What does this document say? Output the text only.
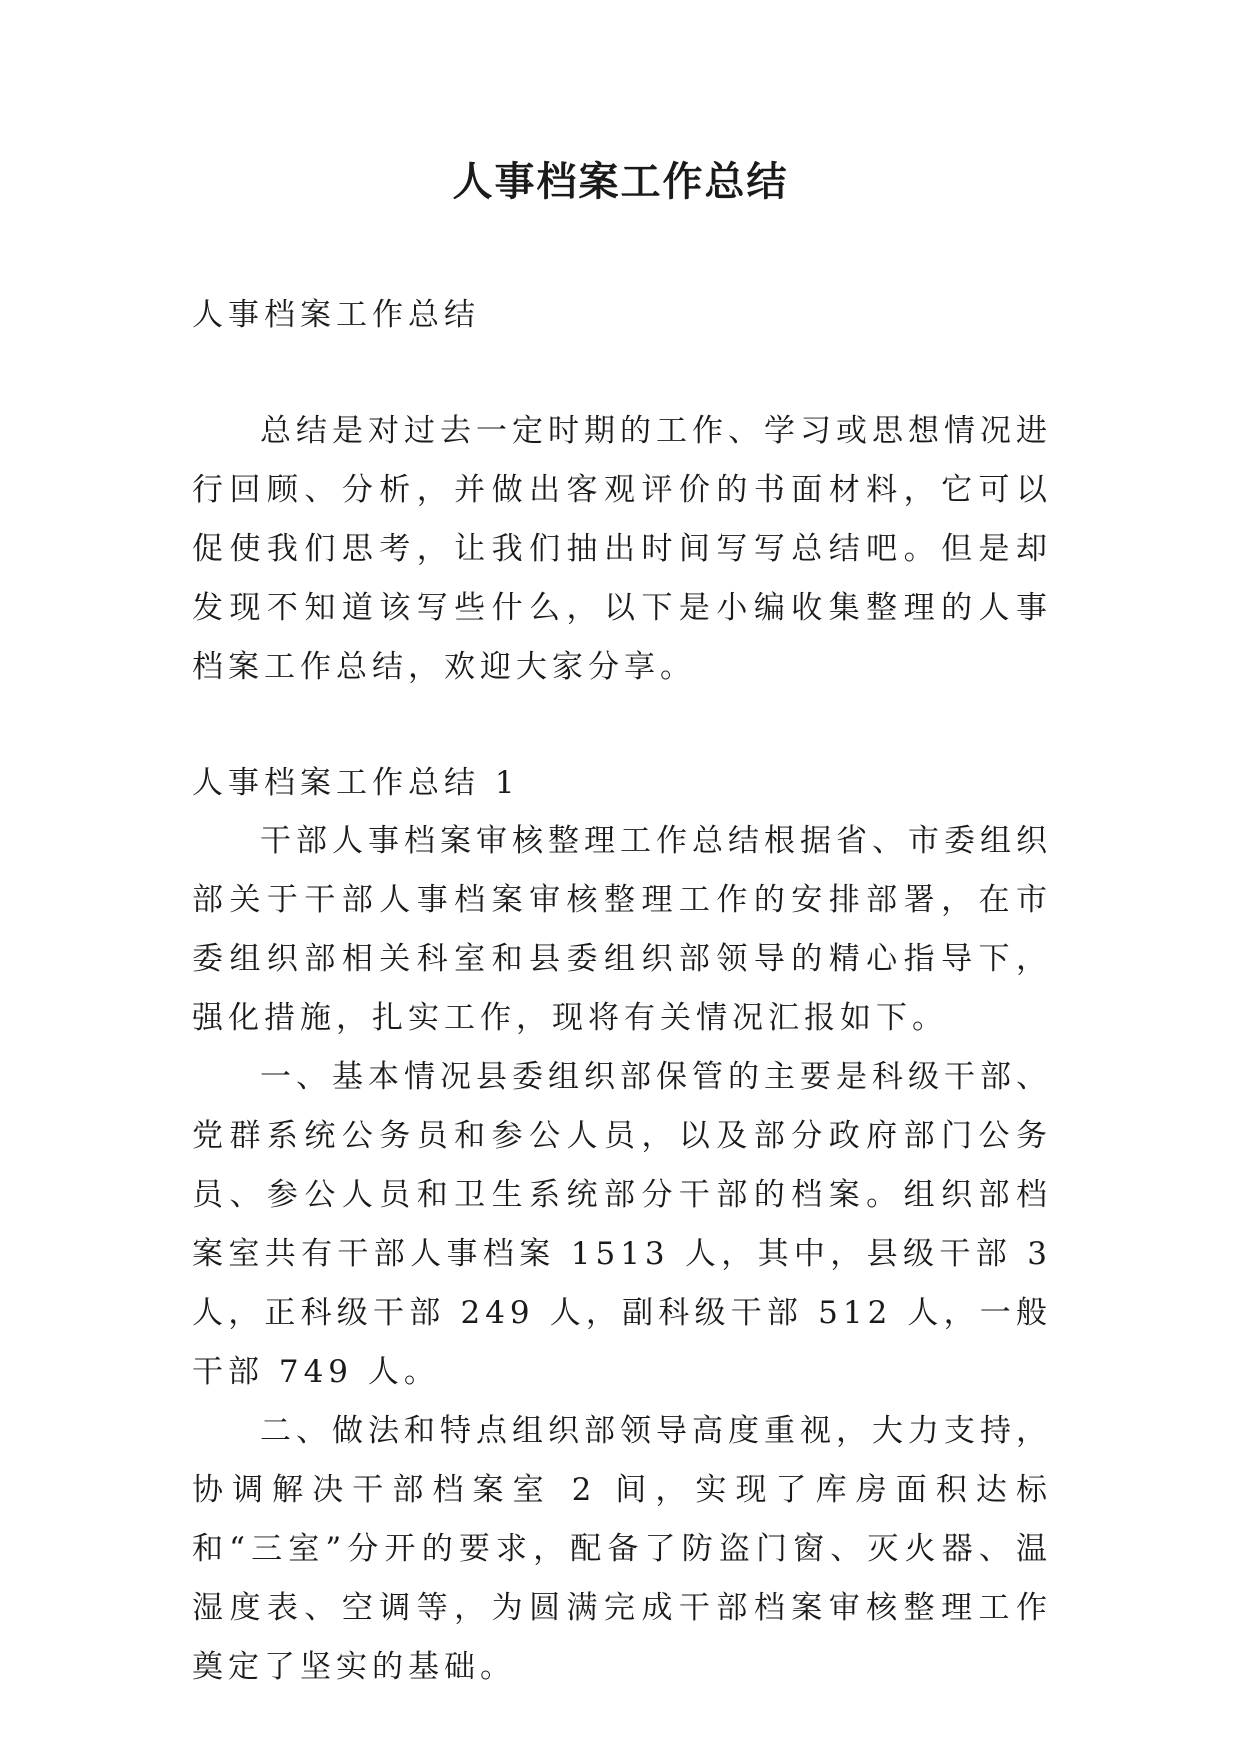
人事档案工作总结

人事档案工作总结

总结是对过去一定时期的工作、学习或思想情况进行回顾、分析，并做出客观评价的书面材料，它可以促使我们思考，让我们抽出时间写写总结吧。但是却发现不知道该写些什么，以下是小编收集整理的人事档案工作总结，欢迎大家分享。

人事档案工作总结 1

干部人事档案审核整理工作总结根据省、市委组织部关于干部人事档案审核整理工作的安排部署，在市委组织部相关科室和县委组织部领导的精心指导下，强化措施，扎实工作，现将有关情况汇报如下。

一、基本情况县委组织部保管的主要是科级干部、党群系统公务员和参公人员，以及部分政府部门公务员、参公人员和卫生系统部分干部的档案。组织部档案室共有干部人事档案 1513 人，其中，县级干部 3 人，正科级干部 249 人，副科级干部 512 人，一般干部 749 人。

二、做法和特点组织部领导高度重视，大力支持，协调解决干部档案室 2 间，实现了库房面积达标和“三室”分开的要求，配备了防盗门窗、灭火器、温湿度表、空调等，为圆满完成干部档案审核整理工作奠定了坚实的基础。
